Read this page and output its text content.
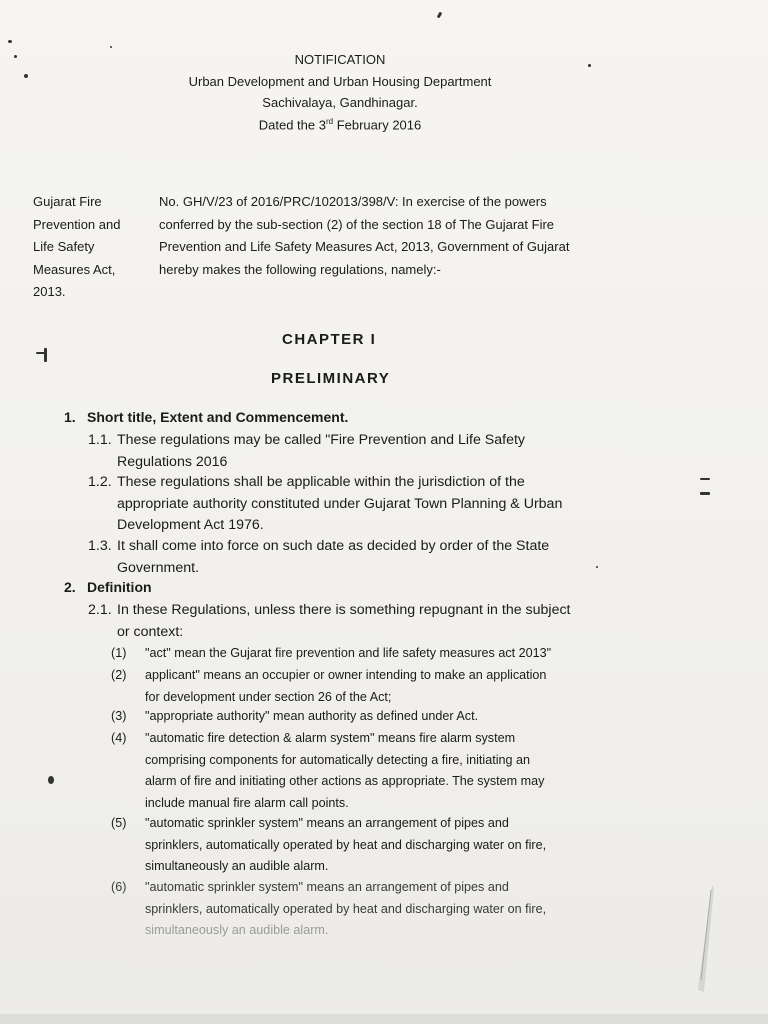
NOTIFICATION
Urban Development and Urban Housing Department
Sachivalaya, Gandhinagar.
Dated the 3rd February 2016
Gujarat Fire
Prevention and
Life Safety
Measures Act,
2013.
No. GH/V/23 of 2016/PRC/102013/398/V: In exercise of the powers
conferred by the sub-section (2) of the section 18 of The Gujarat Fire
Prevention and Life Safety Measures Act, 2013, Government of Gujarat
hereby makes the following regulations, namely:-
CHAPTER I
PRELIMINARY
1. Short title, Extent and Commencement.
1.1. These regulations may be called "Fire Prevention and Life Safety
Regulations 2016
1.2. These regulations shall be applicable within the jurisdiction of the
appropriate authority constituted under Gujarat Town Planning & Urban
Development Act 1976.
1.3. It shall come into force on such date as decided by order of the State
Government.
2. Definition
2.1. In these Regulations, unless there is something repugnant in the subject
or context:
(1)	"act" mean the Gujarat fire prevention and life safety measures act 2013"
(2)	applicant" means an occupier or owner intending to make an application
for development under section 26 of the Act;
(3)	"appropriate authority" mean authority as defined under Act.
(4)	"automatic fire detection & alarm system" means fire alarm system
comprising components for automatically detecting a fire, initiating an
alarm of fire and initiating other actions as appropriate. The system may
include manual fire alarm call points.
(5)	"automatic sprinkler system" means an arrangement of pipes and
sprinklers, automatically operated by heat and discharging water on fire,
simultaneously an audible alarm.
(6)	"automatic sprinkler system" means an arrangement of pipes and
sprinklers, automatically operated by heat and discharging water on fire,
simultaneously an audible alarm.
